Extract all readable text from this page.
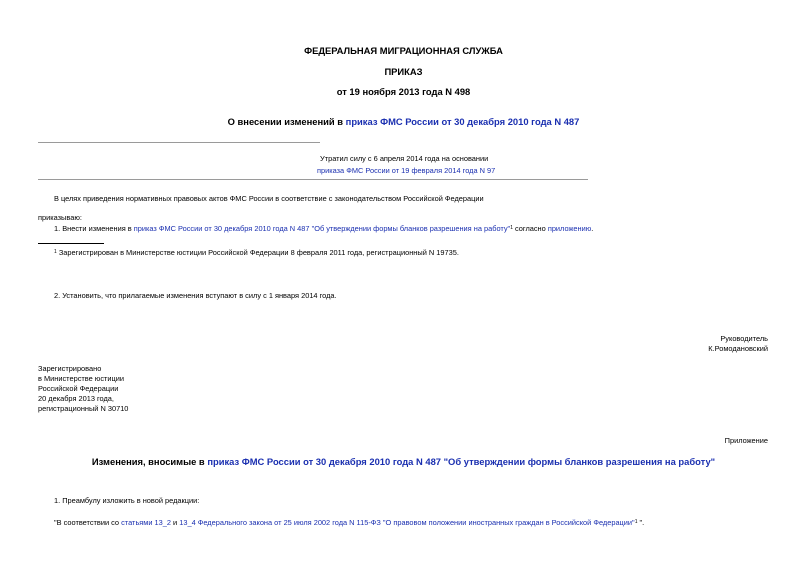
ФЕДЕРАЛЬНАЯ МИГРАЦИОННАЯ СЛУЖБА
ПРИКАЗ
от 19 ноября 2013 года N 498
О внесении изменений в приказ ФМС России от 30 декабря 2010 года N 487
Утратил силу с 6 апреля 2014 года на основании
приказа ФМС России от 19 февраля 2014 года N 97
В целях приведения нормативных правовых актов ФМС России в соответствие с законодательством Российской Федерации
приказываю:
1. Внести изменения в приказ ФМС России от 30 декабря 2010 года N 487 "Об утверждении формы бланков разрешения на работу"$^1$ согласно приложению.
$^1$ Зарегистрирован в Министерстве юстиции Российской Федерации 8 февраля 2011 года, регистрационный N 19735.
2. Установить, что прилагаемые изменения вступают в силу с 1 января 2014 года.
Руководитель
К.Ромодановский
Зарегистрировано
в Министерстве юстиции
Российской Федерации
20 декабря 2013 года,
регистрационный N 30710
Приложение
Изменения, вносимые в приказ ФМС России от 30 декабря 2010 года N 487 "Об утверждении формы бланков разрешения на работу"
1. Преамбулу изложить в новой редакции:
"В соответствии со статьями 13_2 и 13_4 Федерального закона от 25 июля 2002 года N 115-ФЗ "О правовом положении иностранных граждан в Российской Федерации"$^1$ ".
